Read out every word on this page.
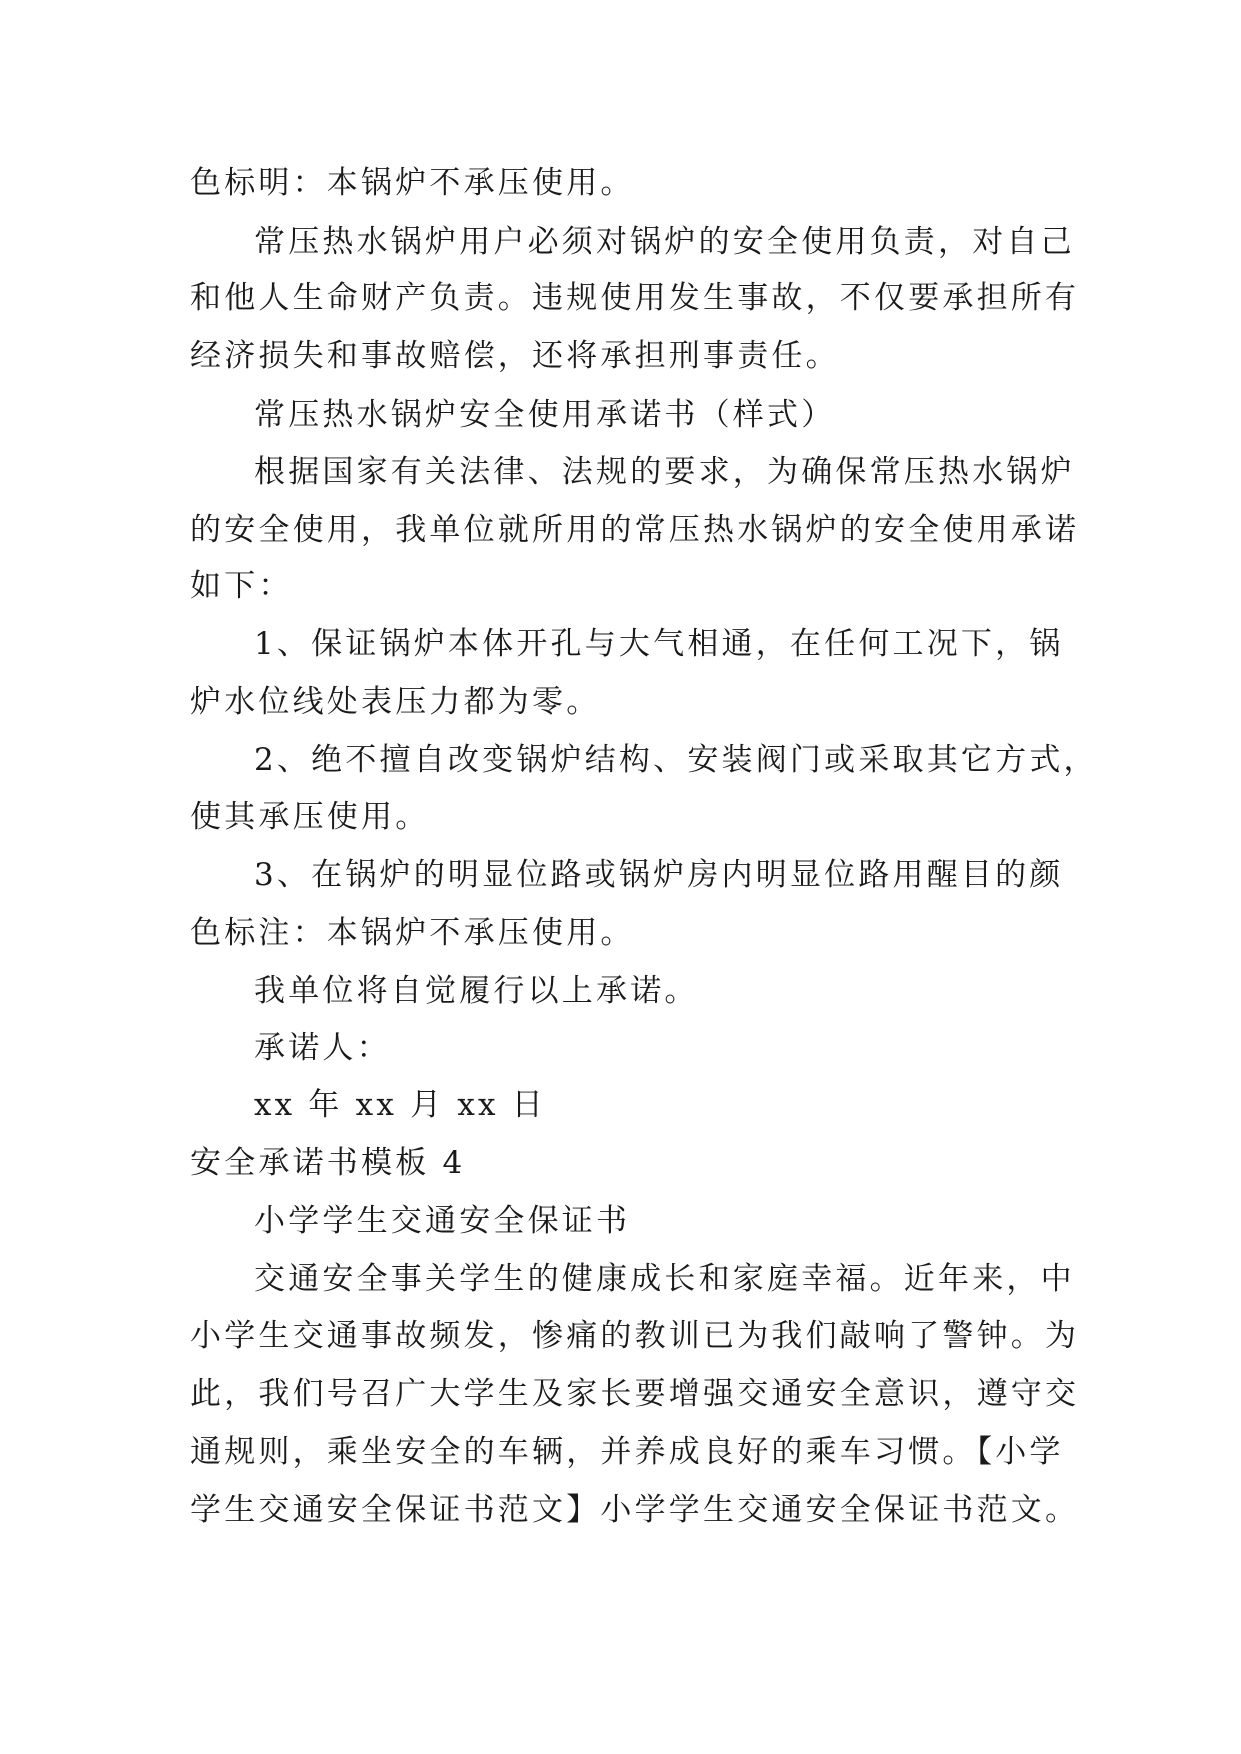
色标明：本锅炉不承压使用。

常压热水锅炉用户必须对锅炉的安全使用负责，对自己

和他人生命财产负责。违规使用发生事故，不仅要承担所有

经济损失和事故赔偿，还将承担刑事责任。

常压热水锅炉安全使用承诺书（样式）

根据国家有关法律、法规的要求，为确保常压热水锅炉

的安全使用，我单位就所用的常压热水锅炉的安全使用承诺

如下：

1、保证锅炉本体开孔与大气相通，在任何工况下，锅

炉水位线处表压力都为零。

2、绝不擅自改变锅炉结构、安装阀门或采取其它方式，

使其承压使用。

3、在锅炉的明显位路或锅炉房内明显位路用醒目的颜

色标注：本锅炉不承压使用。

我单位将自觉履行以上承诺。

承诺人：

xx 年 xx 月 xx 日

安全承诺书模板 4

小学学生交通安全保证书

交通安全事关学生的健康成长和家庭幸福。近年来，中

小学生交通事故频发，惨痛的教训已为我们敲响了警钟。为

此，我们号召广大学生及家长要增强交通安全意识，遵守交

通规则，乘坐安全的车辆，并养成良好的乘车习惯。【小学

学生交通安全保证书范文】小学学生交通安全保证书范文。
